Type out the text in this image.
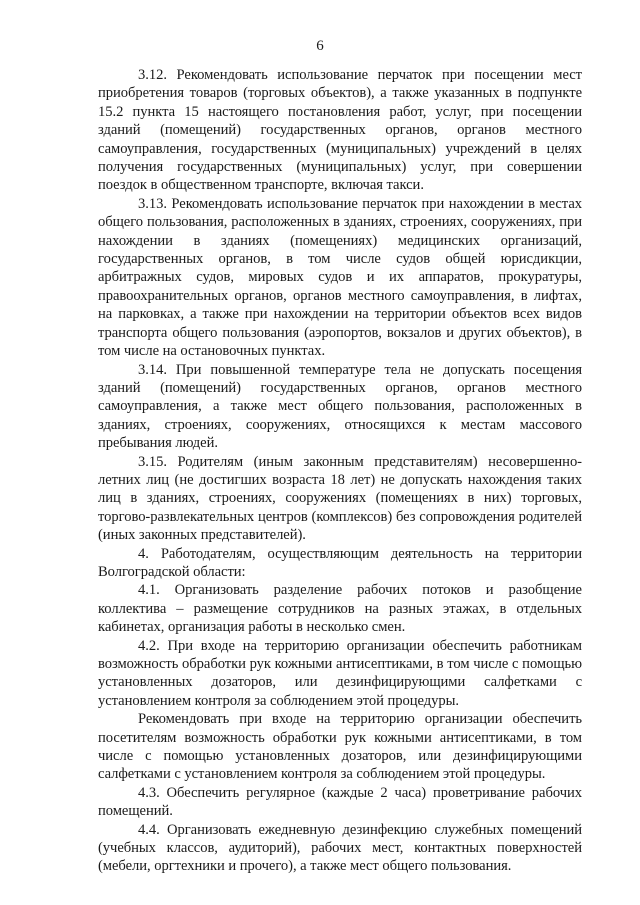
6

3.12. Рекомендовать использование перчаток при посещении мест приобретения товаров (торговых объектов), а также указанных в подпункте 15.2 пункта 15 настоящего постановления работ, услуг, при посещении зданий (помещений) государственных органов, органов местного самоуправления, государственных (муниципальных) учреждений в целях получения государственных (муниципальных) услуг, при совершении поездок в общественном транспорте, включая такси.

3.13. Рекомендовать использование перчаток при нахождении в местах общего пользования, расположенных в зданиях, строениях, сооружениях, при нахождении в зданиях (помещениях) медицинских организаций, государственных органов, в том числе судов общей юрисдикции, арбитражных судов, мировых судов и их аппаратов, прокуратуры, правоохранительных органов, органов местного самоуправления, в лифтах, на парковках, а также при нахождении на территории объектов всех видов транспорта общего пользования (аэропортов, вокзалов и других объектов), в том числе на остановочных пунктах.

3.14. При повышенной температуре тела не допускать посещения зданий (помещений) государственных органов, органов местного самоуправления, а также мест общего пользования, расположенных в зданиях, строениях, сооружениях, относящихся к местам массового пребывания людей.

3.15. Родителям (иным законным представителям) несовершенно-летних лиц (не достигших возраста 18 лет) не допускать нахождения таких лиц в зданиях, строениях, сооружениях (помещениях в них) торговых, торгово-развлекательных центров (комплексов) без сопровождения родителей (иных законных представителей).

4. Работодателям, осуществляющим деятельность на территории Волгоградской области:

4.1. Организовать разделение рабочих потоков и разобщение коллектива – размещение сотрудников на разных этажах, в отдельных кабинетах, организация работы в несколько смен.

4.2. При входе на территорию организации обеспечить работникам возможность обработки рук кожными антисептиками, в том числе с помощью установленных дозаторов, или дезинфицирующими салфетками с установлением контроля за соблюдением этой процедуры.

Рекомендовать при входе на территорию организации обеспечить посетителям возможность обработки рук кожными антисептиками, в том числе с помощью установленных дозаторов, или дезинфицирующими салфетками с установлением контроля за соблюдением этой процедуры.

4.3. Обеспечить регулярное (каждые 2 часа) проветривание рабочих помещений.

4.4. Организовать ежедневную дезинфекцию служебных помещений (учебных классов, аудиторий), рабочих мест, контактных поверхностей (мебели, оргтехники и прочего), а также мест общего пользования.
